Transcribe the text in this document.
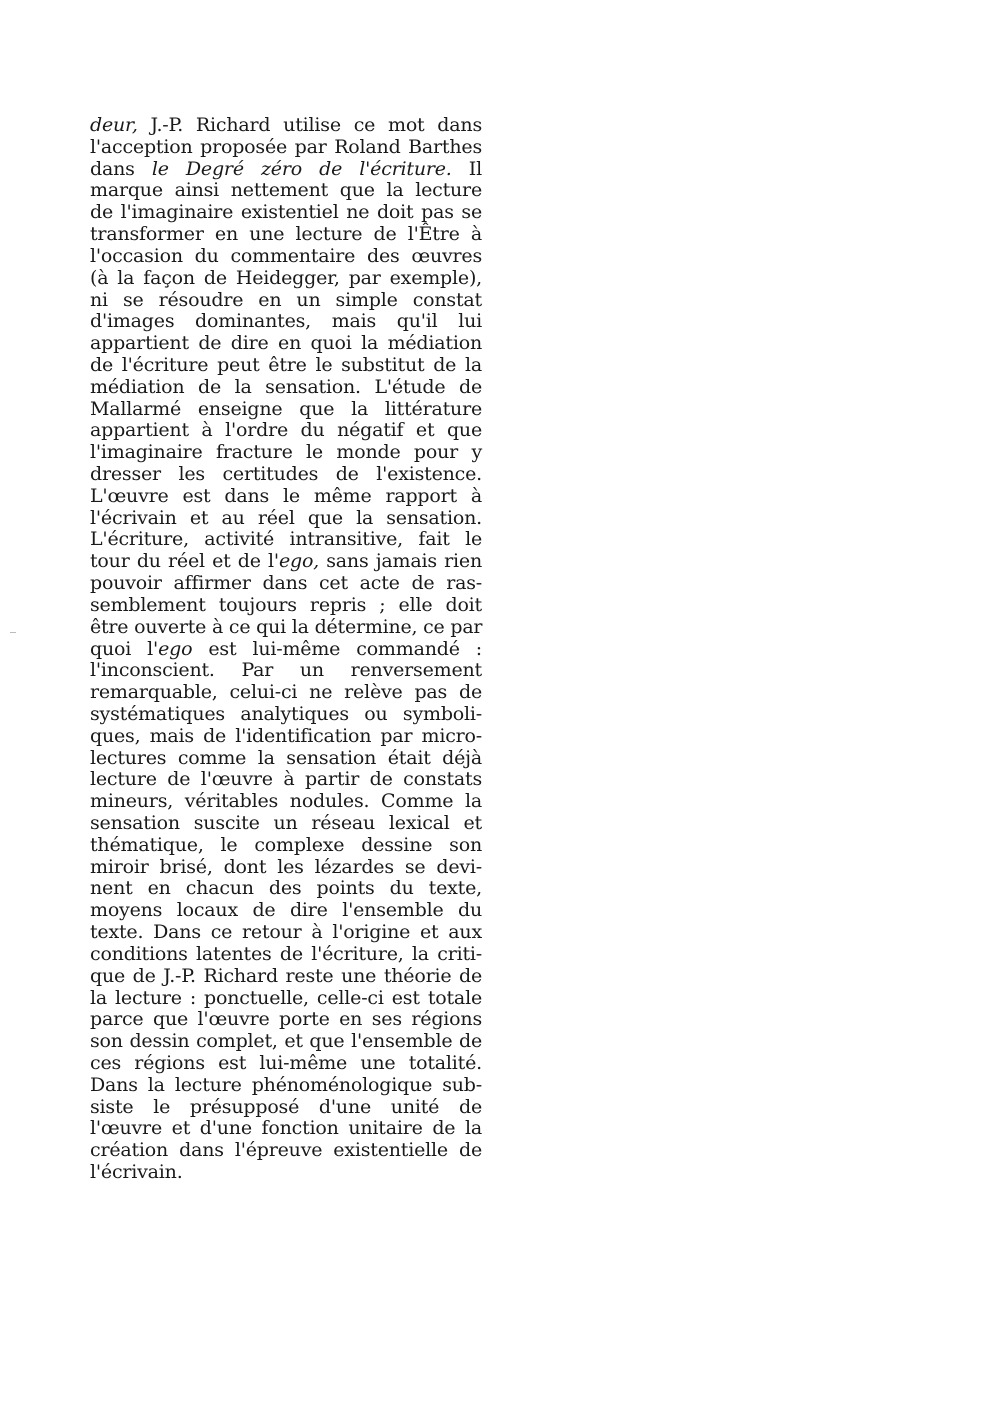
deur, J.-P. Richard utilise ce mot dans
l'acception proposée par Roland Barthes
dans le Degré zéro de l'écriture. Il
marque ainsi nettement que la lecture
de l'imaginaire existentiel ne doit pas se
transformer en une lecture de l'Être à
l'occasion du commentaire des œuvres
(à la façon de Heidegger, par exemple),
ni se résoudre en un simple constat
d'images dominantes, mais qu'il lui
appartient de dire en quoi la médiation
de l'écriture peut être le substitut de la
médiation de la sensation. L'étude de
Mallarmé enseigne que la littérature
appartient à l'ordre du négatif et que
l'imaginaire fracture le monde pour y
dresser les certitudes de l'existence.
L'œuvre est dans le même rapport à
l'écrivain et au réel que la sensation.
L'écriture, activité intransitive, fait le
tour du réel et de l'ego, sans jamais rien
pouvoir affirmer dans cet acte de ras-
semblement toujours repris ; elle doit
être ouverte à ce qui la détermine, ce par
quoi l'ego est lui-même commandé :
l'inconscient. Par un renversement
remarquable, celui-ci ne relève pas de
systématiques analytiques ou symboli-
ques, mais de l'identification par micro-
lectures comme la sensation était déjà
lecture de l'œuvre à partir de constats
mineurs, véritables nodules. Comme la
sensation suscite un réseau lexical et
thématique, le complexe dessine son
miroir brisé, dont les lézardes se devi-
nent en chacun des points du texte,
moyens locaux de dire l'ensemble du
texte. Dans ce retour à l'origine et aux
conditions latentes de l'écriture, la criti-
que de J.-P. Richard reste une théorie de
la lecture : ponctuelle, celle-ci est totale
parce que l'œuvre porte en ses régions
son dessin complet, et que l'ensemble de
ces régions est lui-même une totalité.
Dans la lecture phénoménologique sub-
siste le présupposé d'une unité de
l'œuvre et d'une fonction unitaire de la
création dans l'épreuve existentielle de
l'écrivain.
